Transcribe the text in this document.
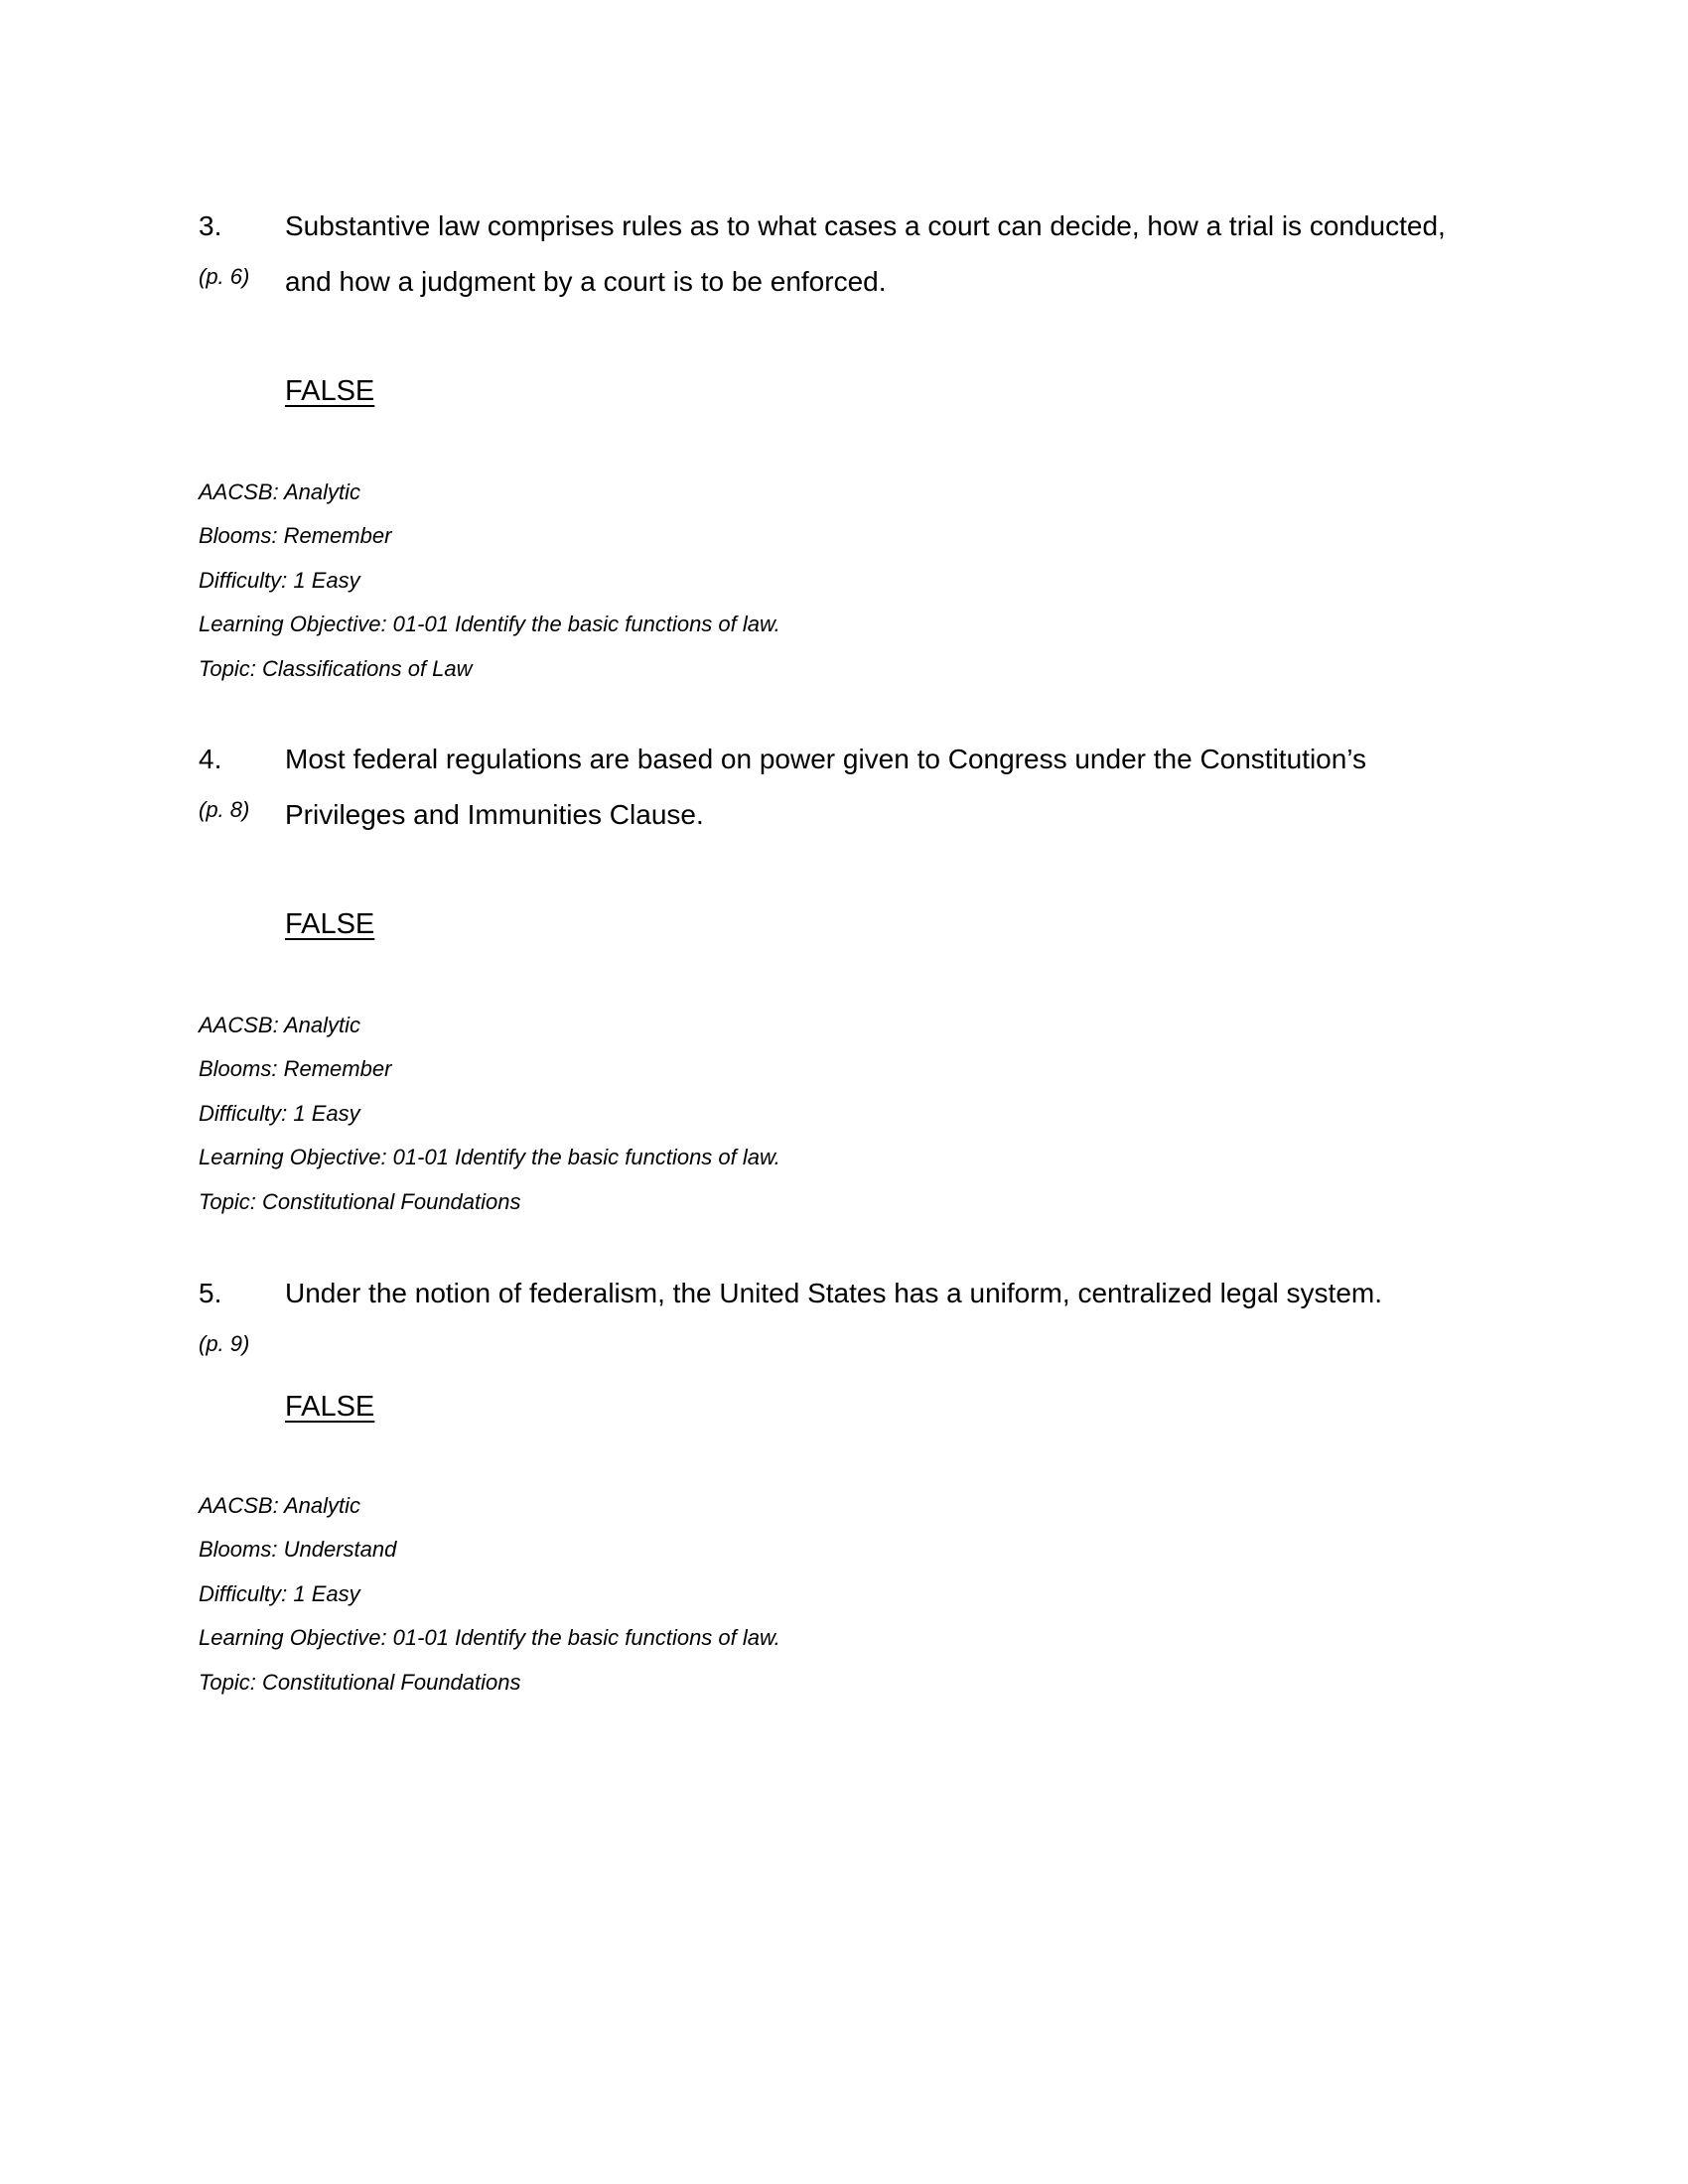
3.
(p. 6)
Substantive law comprises rules as to what cases a court can decide, how a trial is conducted, and how a judgment by a court is to be enforced.
FALSE
AACSB: Analytic
Blooms: Remember
Difficulty: 1 Easy
Learning Objective: 01-01 Identify the basic functions of law.
Topic: Classifications of Law
4.
(p. 8)
Most federal regulations are based on power given to Congress under the Constitution’s Privileges and Immunities Clause.
FALSE
AACSB: Analytic
Blooms: Remember
Difficulty: 1 Easy
Learning Objective: 01-01 Identify the basic functions of law.
Topic: Constitutional Foundations
5.
(p. 9)
Under the notion of federalism, the United States has a uniform, centralized legal system.
FALSE
AACSB: Analytic
Blooms: Understand
Difficulty: 1 Easy
Learning Objective: 01-01 Identify the basic functions of law.
Topic: Constitutional Foundations
